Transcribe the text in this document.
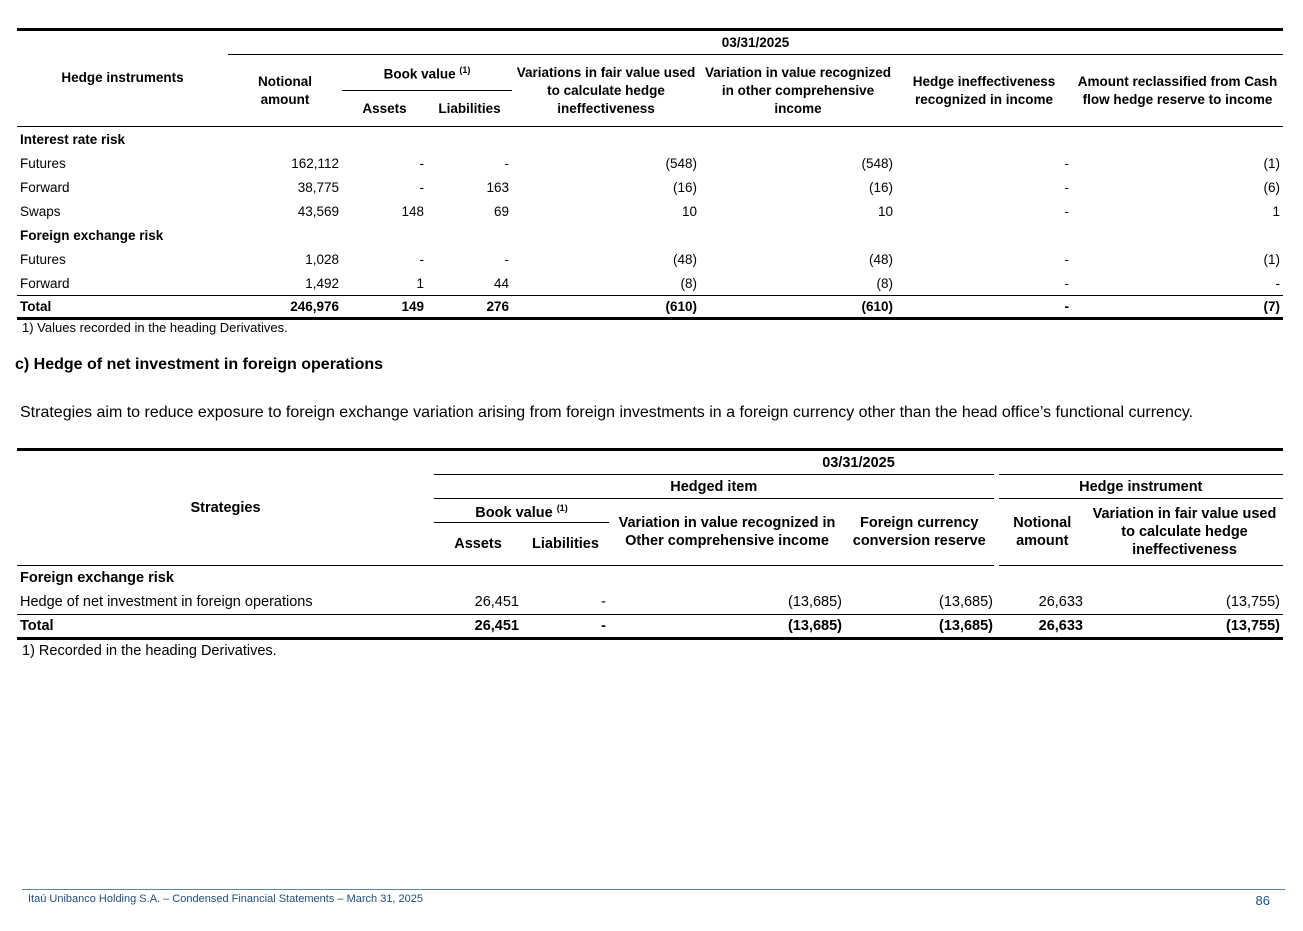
Hedge instruments	03/31/2025						
	Notional amount	Book value $^{(1)}$		Variations in fair value used to calculate hedge ineffectiveness	Variation in value recognized in other comprehensive income	Hedge ineffectiveness recognized in income	Amount reclassified from Cash flow hedge reserve to income
		Assets	Liabilities				
Interest rate risk							
Futures	162,112	-	-	(548)	(548)	-	(1)
Forward	38,775	-	163	(16)	(16)	-	(6)
Swaps	43,569	148	69	10	10	-	1
Foreign exchange risk							
Futures	1,028	-	-	(48)	(48)	-	(1)
Forward	1,492	1	44	(8)	(8)	-	-
Total	246,976	149	276	(610)	(610)	-	(7)
1) Values recorded in the heading Derivatives.
c) Hedge of net investment in foreign operations
Strategies aim to reduce exposure to foreign exchange variation arising from foreign investments in a foreign currency other than the head office’s functional currency.
Strategies	03/31/2025					
	Hedged item				Hedge instrument	
	Book value $^{(1)}$		Variation in value recognized in Other comprehensive income	Foreign currency conversion reserve	Notional amount	Variation in fair value used to calculate hedge ineffectiveness
	Assets	Liabilities				
Foreign exchange risk						
Hedge of net investment in foreign operations	26,451	-	(13,685)	(13,685)	26,633	(13,755)
Total	26,451	-	(13,685)	(13,685)	26,633	(13,755)
1) Recorded in the heading Derivatives.
Itaú Unibanco Holding S.A. – Condensed Financial Statements – March 31, 2025	86
